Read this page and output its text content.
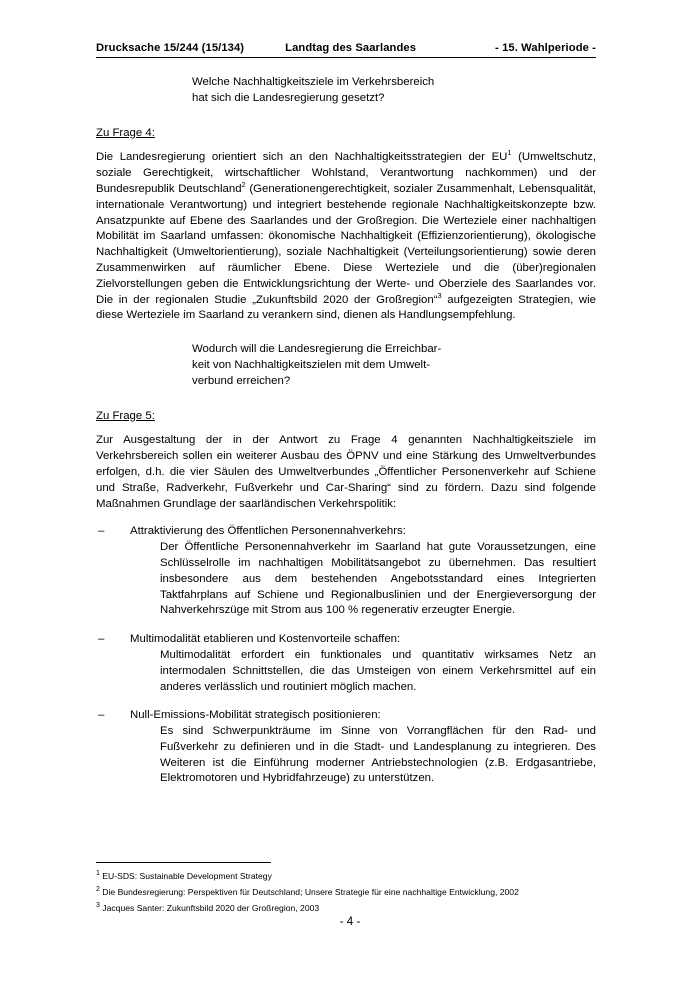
Drucksache 15/244 (15/134)	Landtag des Saarlandes	- 15. Wahlperiode -

Welche Nachhaltigkeitsziele im Verkehrsbereich

hat sich die Landesregierung gesetzt?

Zu Frage 4:

Die Landesregierung orientiert sich an den Nachhaltigkeitsstrategien der $EU^1$ (Umweltschutz, soziale Gerechtigkeit, wirtschaftlicher Wohlstand, Verantwortung nachkommen) und der Bundesrepublik Deutschland$^2$ (Generationengerechtigkeit, sozialer Zusammenhalt, Lebensqualität, internationale Verantwortung) und integriert bestehende regionale Nachhaltigkeitskonzepte bzw. Ansatzpunkte auf Ebene des Saarlandes und der Großregion. Die Werteziele einer nachhaltigen Mobilität im Saarland umfassen: ökonomische Nachhaltigkeit (Effizienzorientierung), ökologische Nachhaltigkeit (Umweltorientierung), soziale Nachhaltigkeit (Verteilungsorientierung) sowie deren Zusammenwirken auf räumlicher Ebene. Diese Werteziele und die (über)regionalen Zielvorstellungen geben die Entwicklungsrichtung der Werte- und Oberziele des Saarlandes vor. Die in der regionalen Studie „Zukunftsbild 2020 der Großregion“$^3$ aufgezeigten Strategien, wie diese Werteziele im Saarland zu verankern sind, dienen als Handlungsempfehlung.

Wodurch will die Landesregierung die Erreichbar-

keit von Nachhaltigkeitszielen mit dem Umwelt-

verbund erreichen?

Zu Frage 5:

Zur Ausgestaltung der in der Antwort zu Frage 4 genannten Nachhaltigkeitsziele im Verkehrsbereich sollen ein weiterer Ausbau des ÖPNV und eine Stärkung des Umweltverbundes erfolgen, d.h. die vier Säulen des Umweltverbundes „Öffentlicher Personenverkehr auf Schiene und Straße, Radverkehr, Fußverkehr und Car-Sharing“ sind zu fördern. Dazu sind folgende Maßnahmen Grundlage der saarländischen Verkehrspolitik:

–	Attraktivierung des Öffentlichen Personennahverkehrs:
Der Öffentliche Personennahverkehr im Saarland hat gute Voraussetzungen, eine Schlüsselrolle im nachhaltigen Mobilitätsangebot zu übernehmen. Das resultiert insbesondere aus dem bestehenden Angebotsstandard eines Integrierten Taktfahrplans auf Schiene und Regionalbuslinien und der Energieversorgung der Nahverkehrszüge mit Strom aus 100 % regenerativ erzeugter Energie.
–	Multimodalität etablieren und Kostenvorteile schaffen:
Multimodalität erfordert ein funktionales und quantitativ wirksames Netz an intermodalen Schnittstellen, die das Umsteigen von einem Verkehrsmittel auf ein anderes verlässlich und routiniert möglich machen.
–	Null-Emissions-Mobilität strategisch positionieren:
Es sind Schwerpunkträume im Sinne von Vorrangflächen für den Rad- und Fußverkehr zu definieren und in die Stadt- und Landesplanung zu integrieren. Des Weiteren ist die Einführung moderner Antriebstechnologien (z.B. Erdgasantriebe, Elektromotoren und Hybridfahrzeuge) zu unterstützen.

$^1$ EU-SDS: Sustainable Development Strategy

$^2$ Die Bundesregierung: Perspektiven für Deutschland; Unsere Strategie für eine nachhaltige Entwicklung, 2002

$^3$ Jacques Santer: Zukunftsbild 2020 der Großregion, 2003

- 4 -
